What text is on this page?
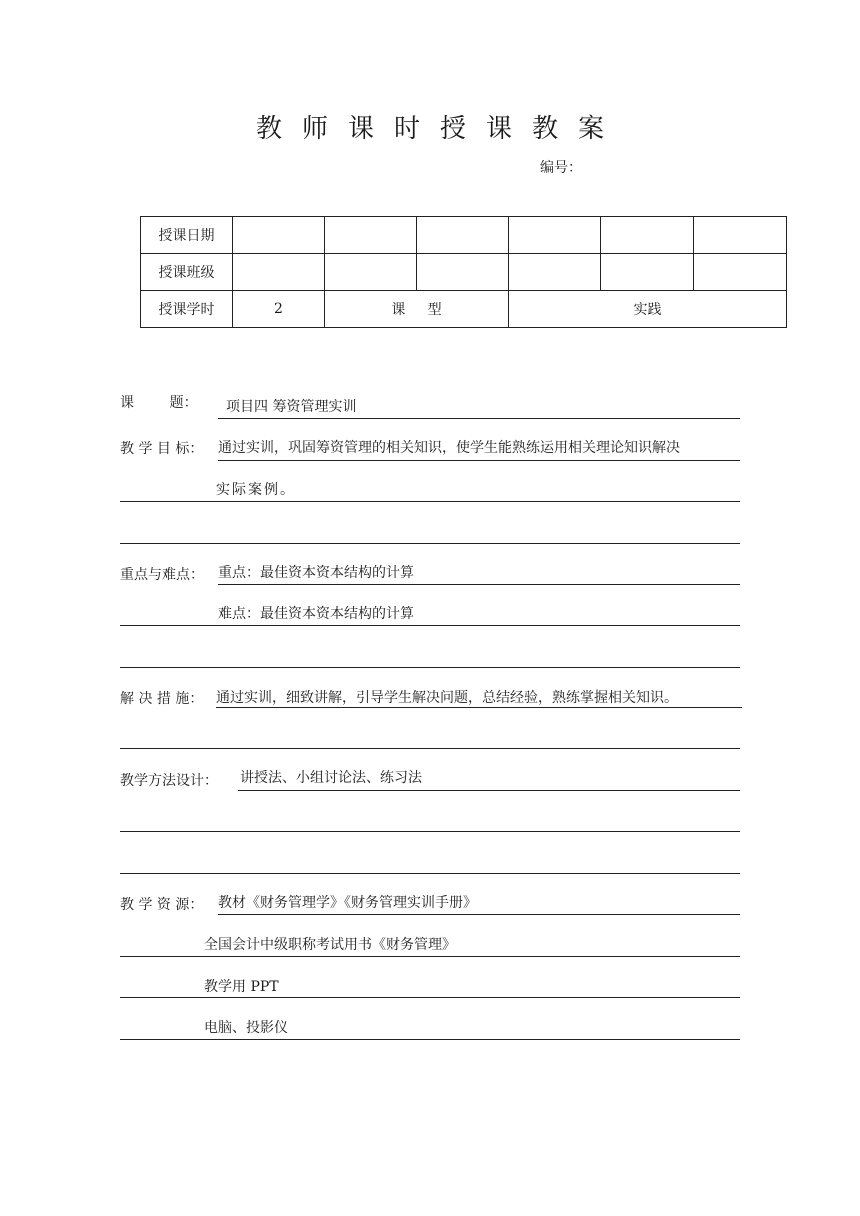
教师课时授课教案
编号：
授课日期						
授课班级						
授课学时	2	课     型		实践		
课        题： 项目四 筹资管理实训
教 学 目 标： 通过实训，巩固筹资管理的相关知识，使学生能熟练运用相关理论知识解决
实际案例。
重点与难点： 重点：最佳资本资本结构的计算
难点：最佳资本资本结构的计算
解 决 措 施： 通过实训，细致讲解，引导学生解决问题，总结经验，熟练掌握相关知识。
教学方法设计： 讲授法、小组讨论法、练习法
教 学 资 源： 教材《财务管理学》《财务管理实训手册》
全国会计中级职称考试用书《财务管理》
教学用 PPT
电脑、投影仪
